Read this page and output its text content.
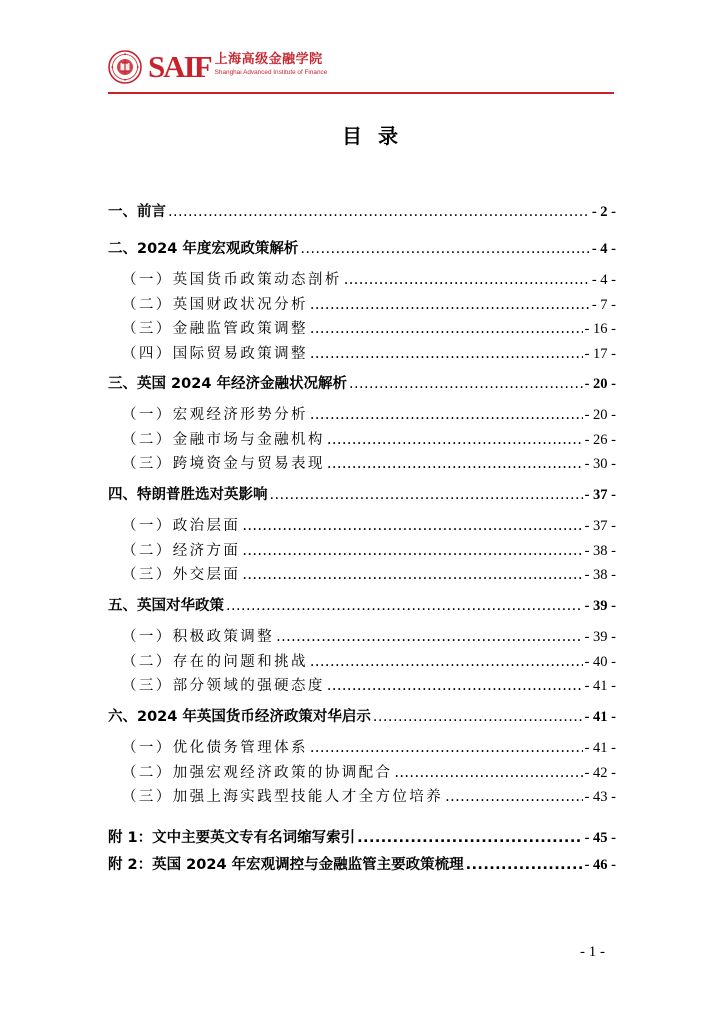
SAIF 上海高级金融学院
Shanghai Advanced Institute of Finance
目录
一、前言 .....	- 2 -
二、2024 年度宏观政策解析 .....	- 4 -
（一）英国货币政策动态剖析 .....	- 4 -
（二）英国财政状况分析 .....	- 7 -
（三）金融监管政策调整 .....	- 16 -
（四）国际贸易政策调整 .....	- 17 -
三、英国 2024 年经济金融状况解析 .....	- 20 -
（一）宏观经济形势分析 .....	- 20 -
（二）金融市场与金融机构 .....	- 26 -
（三）跨境资金与贸易表现 .....	- 30 -
四、特朗普胜选对英影响 .....	- 37 -
（一）政治层面 .....	- 37 -
（二）经济方面 .....	- 38 -
（三）外交层面 .....	- 38 -
五、英国对华政策 .....	- 39 -
（一）积极政策调整 .....	- 39 -
（二）存在的问题和挑战 .....	- 40 -
（三）部分领域的强硬态度 .....	- 41 -
六、2024 年英国货币经济政策对华启示 .....	- 41 -
（一）优化债务管理体系 .....	- 41 -
（二）加强宏观经济政策的协调配合 .....	- 42 -
（三）加强上海实践型技能人才全方位培养 .....	- 43 -
附 1：文中主要英文专有名词缩写索引 .....	- 45 -
附 2：英国 2024 年宏观调控与金融监管主要政策梳理 .....	- 46 -
- 1 -
